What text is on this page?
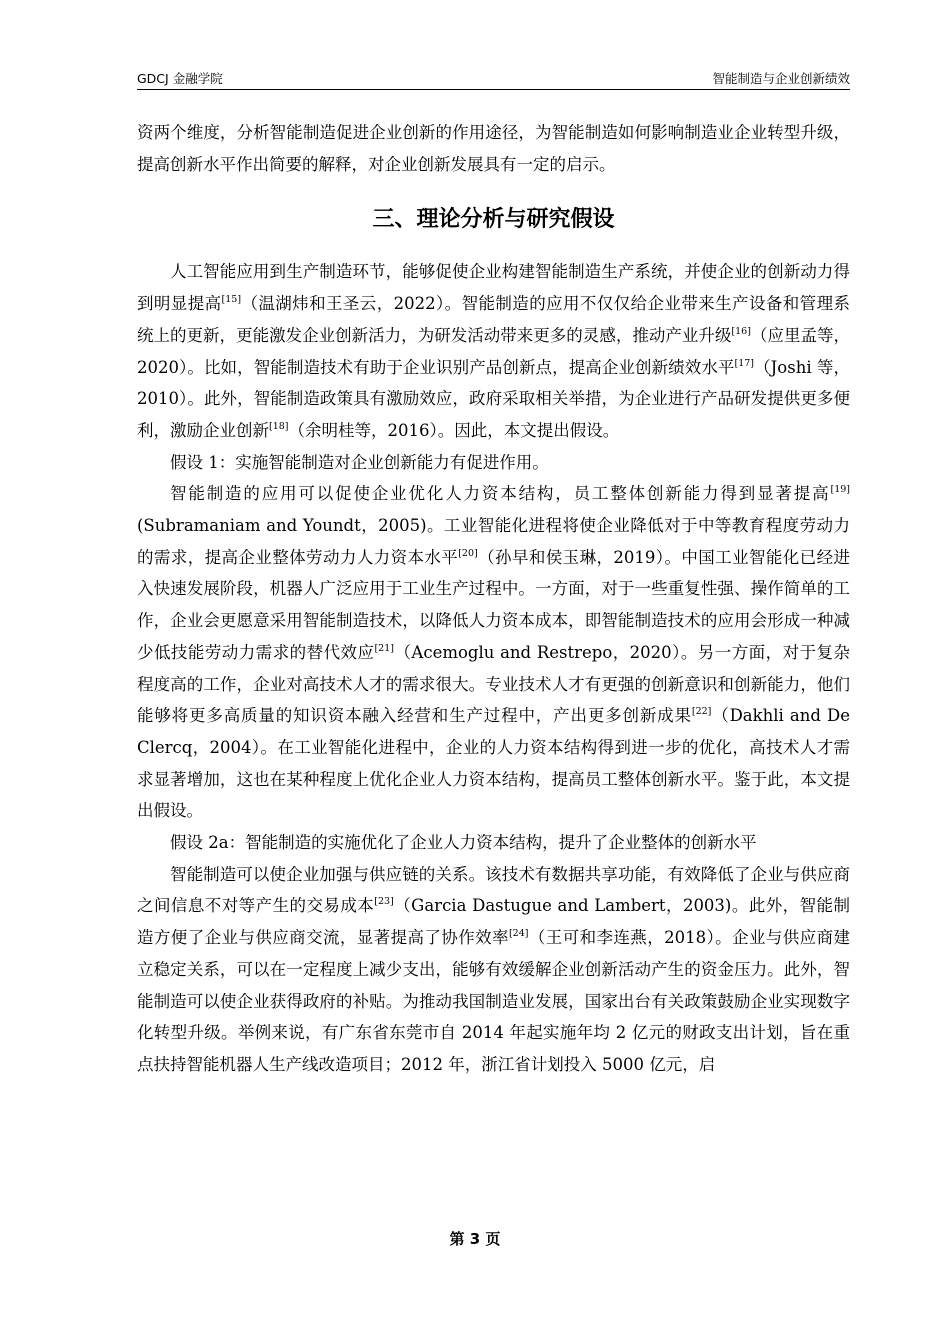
GDCJ 金融学院	智能制造与企业创新绩效

资两个维度，分析智能制造促进企业创新的作用途径，为智能制造如何影响制造业企业转型升级，提高创新水平作出简要的解释，对企业创新发展具有一定的启示。

三、理论分析与研究假设

人工智能应用到生产制造环节，能够促使企业构建智能制造生产系统，并使企业的创新动力得到明显提高[15]（温湖炜和王圣云，2022）。智能制造的应用不仅仅给企业带来生产设备和管理系统上的更新，更能激发企业创新活力，为研发活动带来更多的灵感，推动产业升级[16]（应里孟等，2020）。比如，智能制造技术有助于企业识别产品创新点，提高企业创新绩效水平[17]（Joshi 等，2010）。此外，智能制造政策具有激励效应，政府采取相关举措，为企业进行产品研发提供更多便利，激励企业创新[18]（余明桂等，2016）。因此，本文提出假设。

假设 1：实施智能制造对企业创新能力有促进作用。

智能制造的应用可以促使企业优化人力资本结构，员工整体创新能力得到显著提高[19](Subramaniam and Youndt，2005)。工业智能化进程将使企业降低对于中等教育程度劳动力的需求，提高企业整体劳动力人力资本水平[20]（孙早和侯玉琳，2019）。中国工业智能化已经进入快速发展阶段，机器人广泛应用于工业生产过程中。一方面，对于一些重复性强、操作简单的工作，企业会更愿意采用智能制造技术，以降低人力资本成本，即智能制造技术的应用会形成一种减少低技能劳动力需求的替代效应[21]（Acemoglu and Restrepo，2020）。另一方面，对于复杂程度高的工作，企业对高技术人才的需求很大。专业技术人才有更强的创新意识和创新能力，他们能够将更多高质量的知识资本融入经营和生产过程中，产出更多创新成果[22]（Dakhli and De Clercq，2004）。在工业智能化进程中，企业的人力资本结构得到进一步的优化，高技术人才需求显著增加，这也在某种程度上优化企业人力资本结构，提高员工整体创新水平。鉴于此，本文提出假设。

假设 2a：智能制造的实施优化了企业人力资本结构，提升了企业整体的创新水平

智能制造可以使企业加强与供应链的关系。该技术有数据共享功能，有效降低了企业与供应商之间信息不对等产生的交易成本[23]（Garcia Dastugue and Lambert，2003)。此外，智能制造方便了企业与供应商交流，显著提高了协作效率[24]（王可和李连燕，2018）。企业与供应商建立稳定关系，可以在一定程度上减少支出，能够有效缓解企业创新活动产生的资金压力。此外，智能制造可以使企业获得政府的补贴。为推动我国制造业发展，国家出台有关政策鼓励企业实现数字化转型升级。举例来说，有广东省东莞市自 2014 年起实施年均 2 亿元的财政支出计划，旨在重点扶持智能机器人生产线改造项目；2012 年，浙江省计划投入 5000 亿元，启

第 3 页
